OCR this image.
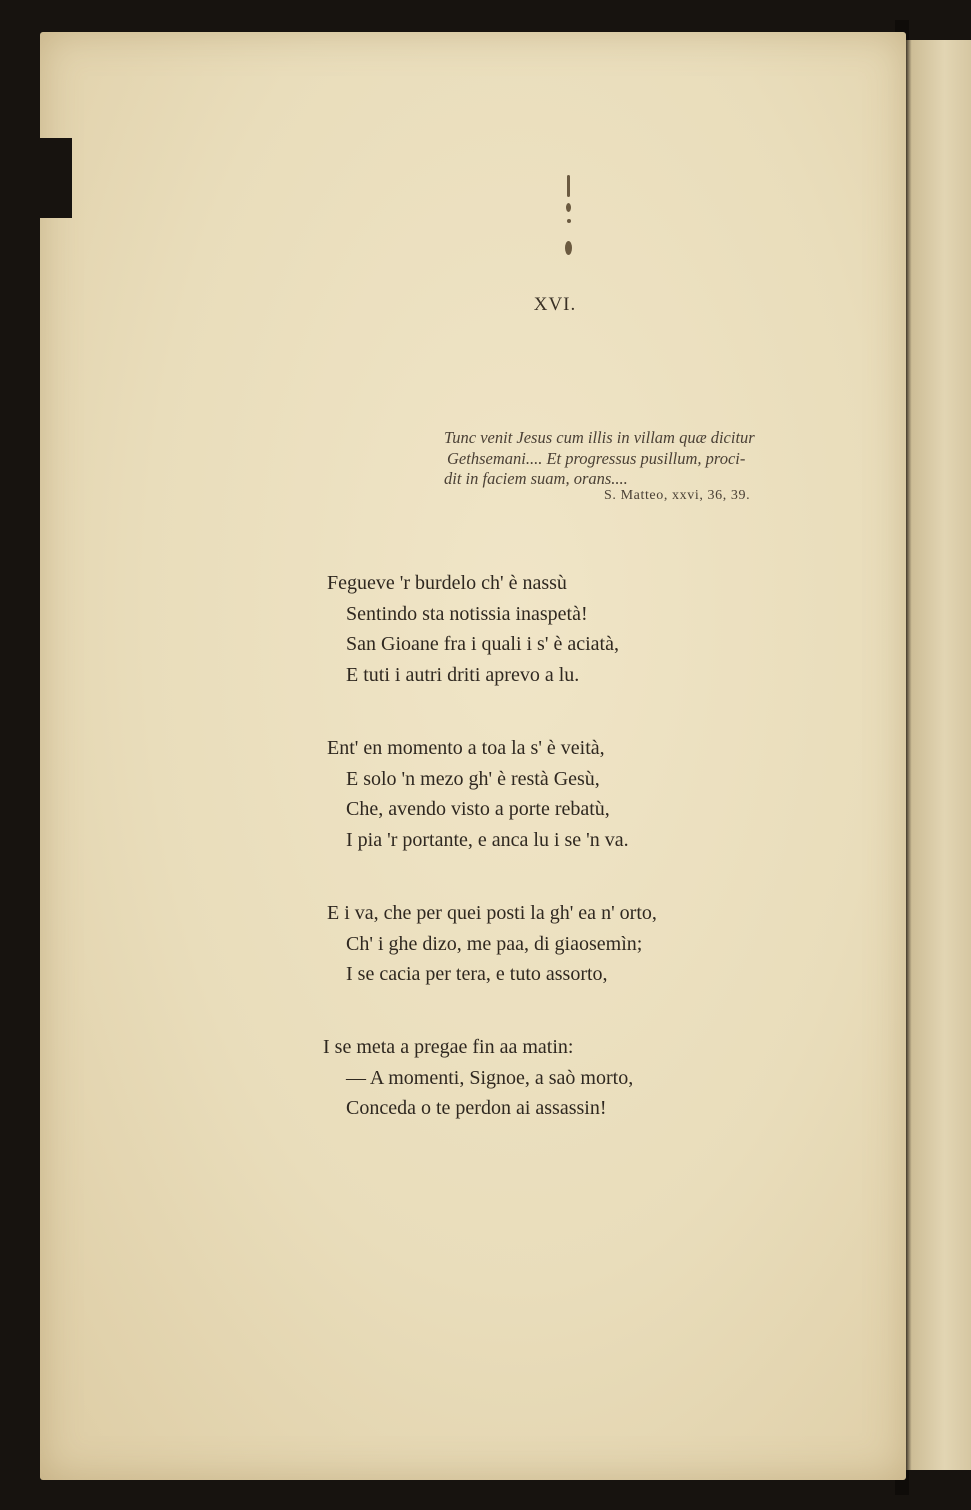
XVI.
Tunc venit Jesus cum illis in villam quæ dicitur
Gethsemani.... Et progressus pusillum, proci-
dit in faciem suam, orans....
S. Matteo, xxvi, 36, 39.
Fegueve 'r burdelo ch' è nassù
Sentindo sta notissia inaspetà!
San Gioane fra i quali i s' è aciatà,
E tuti i autri driti aprevo a lu.
Ent' en momento a toa la s' è veità,
E solo 'n mezo gh' è restà Gesù,
Che, avendo visto a porte rebatù,
I pia 'r portante, e anca lu i se 'n va.
E i va, che per quei posti la gh' ea n' orto,
Ch' i ghe dizo, me paa, di giaosemìn;
I se cacia per tera, e tuto assorto,
I se meta a pregae fin aa matin:
— A momenti, Signoe, a saò morto,
Conceda o te perdon ai assassin!
